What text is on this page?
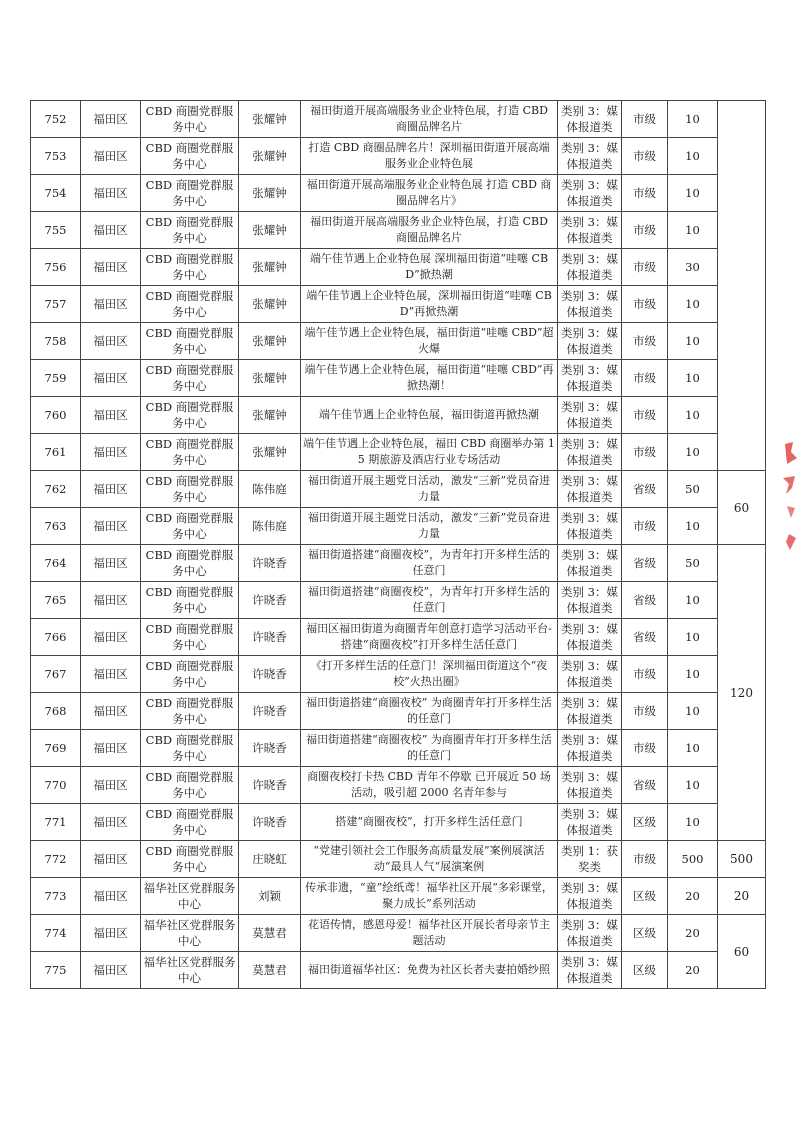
752	福田区	CBD 商圈党群服务中心	张耀钟	福田街道开展高端服务业企业特色展，打造 CBD 商圈品牌名片	类别 3：媒体报道类	市级	10	
753	福田区	CBD 商圈党群服务中心	张耀钟	打造 CBD 商圈品牌名片！深圳福田街道开展高端服务业企业特色展	类别 3：媒体报道类	市级	10	
754	福田区	CBD 商圈党群服务中心	张耀钟	福田街道开展高端服务业企业特色展 打造 CBD 商圈品牌名片》	类别 3：媒体报道类	市级	10	
755	福田区	CBD 商圈党群服务中心	张耀钟	福田街道开展高端服务业企业特色展，打造 CBD 商圈品牌名片	类别 3：媒体报道类	市级	10	
756	福田区	CBD 商圈党群服务中心	张耀钟	端午佳节遇上企业特色展 深圳福田街道“哇噻 CBD”掀热潮	类别 3：媒体报道类	市级	30	
757	福田区	CBD 商圈党群服务中心	张耀钟	端午佳节遇上企业特色展，深圳福田街道“哇噻 CBD”再掀热潮	类别 3：媒体报道类	市级	10	
758	福田区	CBD 商圈党群服务中心	张耀钟	端午佳节遇上企业特色展，福田街道“哇噻 CBD”超火爆	类别 3：媒体报道类	市级	10	
759	福田区	CBD 商圈党群服务中心	张耀钟	端午佳节遇上企业特色展，福田街道“哇噻 CBD”再掀热潮！	类别 3：媒体报道类	市级	10	
760	福田区	CBD 商圈党群服务中心	张耀钟	端午佳节遇上企业特色展，福田街道再掀热潮	类别 3：媒体报道类	市级	10	
761	福田区	CBD 商圈党群服务中心	张耀钟	端午佳节遇上企业特色展，福田 CBD 商圈举办第 15 期旅游及酒店行业专场活动	类别 3：媒体报道类	市级	10	
762	福田区	CBD 商圈党群服务中心	陈伟庭	福田街道开展主题党日活动，激发“三新”党员奋进力量	类别 3：媒体报道类	省级	50	60
763	福田区	CBD 商圈党群服务中心	陈伟庭	福田街道开展主题党日活动，激发“三新”党员奋进力量	类别 3：媒体报道类	市级	10	
764	福田区	CBD 商圈党群服务中心	许晓香	福田街道搭建“商圈夜校”，为青年打开多样生活的任意门	类别 3：媒体报道类	省级	50	120
765	福田区	CBD 商圈党群服务中心	许晓香	福田街道搭建“商圈夜校”，为青年打开多样生活的任意门	类别 3：媒体报道类	省级	10	
766	福田区	CBD 商圈党群服务中心	许晓香	福田区福田街道为商圈青年创意打造学习活动平台-搭建“商圈夜校”打开多样生活任意门	类别 3：媒体报道类	省级	10	
767	福田区	CBD 商圈党群服务中心	许晓香	《打开多样生活的任意门！深圳福田街道这个“夜校”火热出圈》	类别 3：媒体报道类	市级	10	
768	福田区	CBD 商圈党群服务中心	许晓香	福田街道搭建“商圈夜校” 为商圈青年打开多样生活的任意门	类别 3：媒体报道类	市级	10	
769	福田区	CBD 商圈党群服务中心	许晓香	福田街道搭建“商圈夜校” 为商圈青年打开多样生活的任意门	类别 3：媒体报道类	市级	10	
770	福田区	CBD 商圈党群服务中心	许晓香	商圈夜校打卡热 CBD 青年不停歇 已开展近 50 场活动，吸引超 2000 名青年参与	类别 3：媒体报道类	省级	10	
771	福田区	CBD 商圈党群服务中心	许晓香	搭建“商圈夜校”，打开多样生活任意门	类别 3：媒体报道类	区级	10	
772	福田区	CBD 商圈党群服务中心	庄晓虹	“党建引领社会工作服务高质量发展”案例展演活动“最具人气“展演案例	类别 1：获奖类	市级	500	500
773	福田区	福华社区党群服务中心	刘颖	传承非遗，“童”绘纸鸢！福华社区开展“多彩课堂，聚力成长”系列活动	类别 3：媒体报道类	区级	20	20
774	福田区	福华社区党群服务中心	莫慧君	花语传情，感恩母爱！福华社区开展长者母亲节主题活动	类别 3：媒体报道类	区级	20	60
775	福田区	福华社区党群服务中心	莫慧君	福田街道福华社区：免费为社区长者夫妻拍婚纱照	类别 3：媒体报道类	区级	20	
